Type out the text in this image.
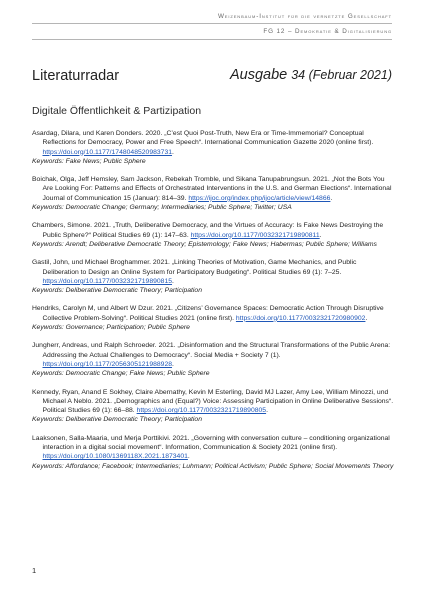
Weizenbaum-Institut für die vernetzte Gesellschaft
FG 12 – Demokratie & Digitalisierung
Literaturradar	Ausgabe 34 (Februar 2021)
Digitale Öffentlichkeit & Partizipation
Asardag, Dilara, und Karen Donders. 2020. „C’est Quoi Post-Truth, New Era or Time-Immemorial? Conceptual Reflections for Democracy, Power and Free Speech“. International Communication Gazette 2020 (online first). https://doi.org/10.1177/1748048520983731.
Keywords: Fake News; Public Sphere
Boichak, Olga, Jeff Hemsley, Sam Jackson, Rebekah Tromble, und Sikana Tanupabrungsun. 2021. „Not the Bots You Are Looking For: Patterns and Effects of Orchestrated Interventions in the U.S. and German Elections“. International Journal of Communication 15 (Januar): 814–39. https://ijoc.org/index.php/ijoc/article/view/14866.
Keywords: Democratic Change; Germany; Intermediaries; Public Sphere; Twitter; USA
Chambers, Simone. 2021. „Truth, Deliberative Democracy, and the Virtues of Accuracy: Is Fake News Destroying the Public Sphere?“ Political Studies 69 (1): 147–63. https://doi.org/10.1177/0032321719890811.
Keywords: Arendt; Deliberative Democratic Theory; Epistemology; Fake News; Habermas; Public Sphere; Williams
Gastil, John, und Michael Broghammer. 2021. „Linking Theories of Motivation, Game Mechanics, and Public Deliberation to Design an Online System for Participatory Budgeting“. Political Studies 69 (1): 7–25. https://doi.org/10.1177/0032321719890815.
Keywords: Deliberative Democratic Theory; Participation
Hendriks, Carolyn M, und Albert W Dzur. 2021. „Citizens’ Governance Spaces: Democratic Action Through Disruptive Collective Problem-Solving“. Political Studies 2021 (online first). https://doi.org/10.1177/0032321720980902.
Keywords: Governance; Participation; Public Sphere
Jungherr, Andreas, und Ralph Schroeder. 2021. „Disinformation and the Structural Transformations of the Public Arena: Addressing the Actual Challenges to Democracy“. Social Media + Society 7 (1). https://doi.org/10.1177/2056305121988928.
Keywords: Democratic Change; Fake News; Public Sphere
Kennedy, Ryan, Anand E Sokhey, Claire Abernathy, Kevin M Esterling, David MJ Lazer, Amy Lee, William Minozzi, und Michael A Neblo. 2021. „Demographics and (Equal?) Voice: Assessing Participation in Online Deliberative Sessions“. Political Studies 69 (1): 66–88. https://doi.org/10.1177/0032321719890805.
Keywords: Deliberative Democratic Theory; Participation
Laaksonen, Salla-Maaria, und Merja Porttikivi. 2021. „Governing with conversation culture – conditioning organizational interaction in a digital social movement“. Information, Communication & Society 2021 (online first). https://doi.org/10.1080/1369118X.2021.1873401.
Keywords: Affordance; Facebook; Intermediaries; Luhmann; Political Activism; Public Sphere; Social Movements Theory
1
